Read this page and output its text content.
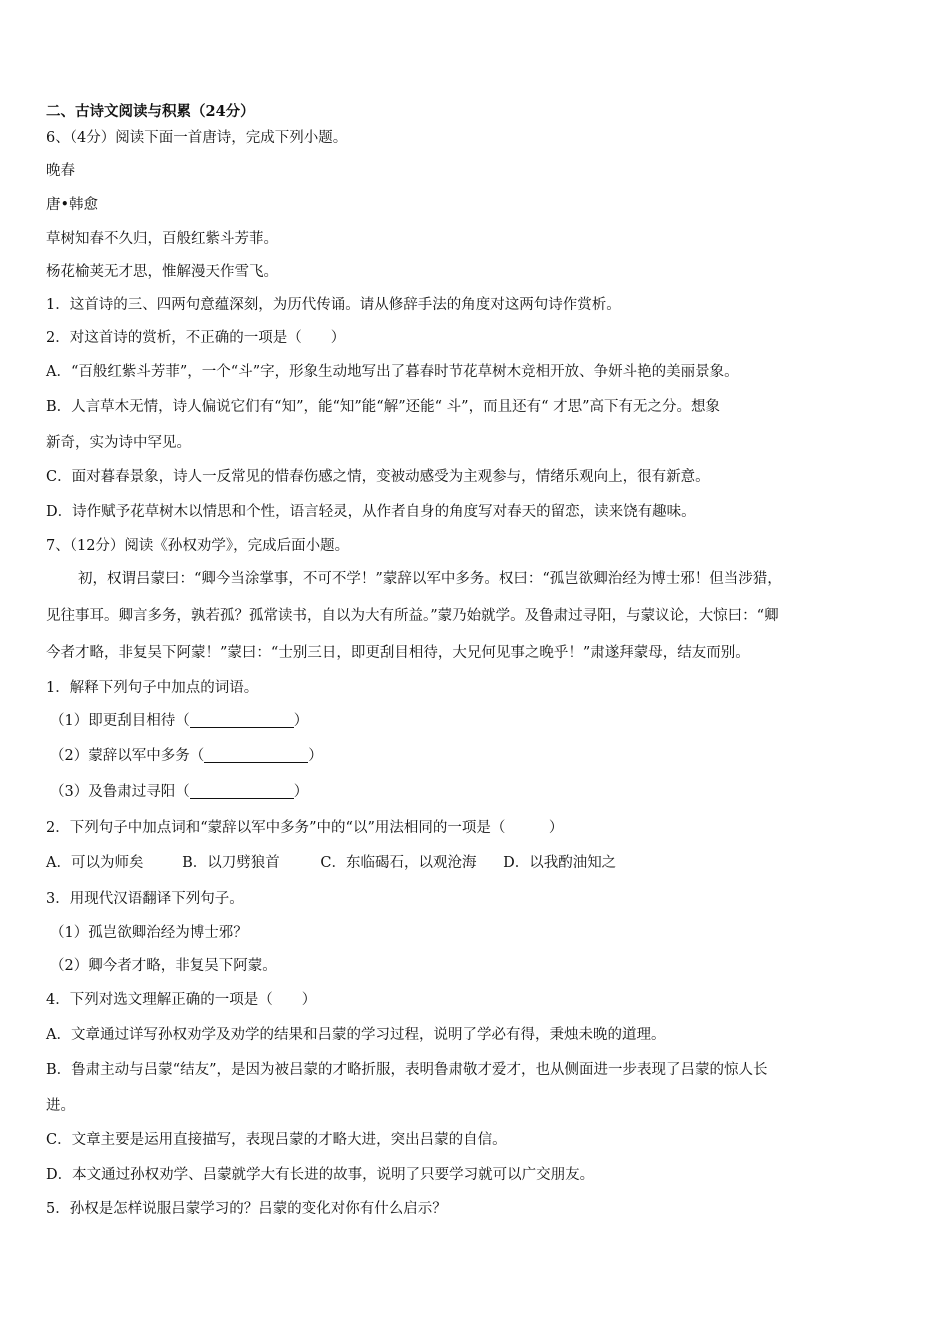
二、古诗文阅读与积累（24分）
6、（4分）阅读下面一首唐诗，完成下列小题。
晚春
唐•韩愈
草树知春不久归，百般红紫斗芳菲。
杨花榆荚无才思，惟解漫天作雪飞。
1．这首诗的三、四两句意蕴深刻，为历代传诵。请从修辞手法的角度对这两句诗作赏析。
2．对这首诗的赏析，不正确的一项是（　　）
A．“百般红紫斗芳菲”，一个“斗”字，形象生动地写出了暮春时节花草树木竞相开放、争妍斗艳的美丽景象。
B．人言草木无情，诗人偏说它们有“知”，能“知”能“解”还能“ 斗”，而且还有“ 才思”高下有无之分。想象
新奇，实为诗中罕见。
C．面对暮春景象，诗人一反常见的惜春伤感之情，变被动感受为主观参与，情绪乐观向上，很有新意。
D．诗作赋予花草树木以情思和个性，语言轻灵，从作者自身的角度写对春天的留恋，读来饶有趣味。
7、（12分）阅读《孙权劝学》，完成后面小题。
初，权谓吕蒙曰：“卿今当涂掌事，不可不学！”蒙辞以军中多务。权曰：“孤岂欲卿治经为博士邪！但当涉猎，
见往事耳。卿言多务，孰若孤？孤常读书，自以为大有所益。”蒙乃始就学。及鲁肃过寻阳，与蒙议论，大惊曰：“卿
今者才略，非复吴下阿蒙！”蒙曰：“士别三日，即更刮目相待，大兄何见事之晚乎！”肃遂拜蒙母，结友而别。
1．解释下列句子中加点的词语。
（1）即更刮目相待（	）
（2）蒙辞以军中多务（	）
（3）及鲁肃过寻阳（	）
2．下列句子中加点词和“蒙辞以军中多务”中的“以”用法相同的一项是（　　　）
A．可以为师矣	B．以刀劈狼首	C．东临碣石，以观沧海 D．以我酌油知之
3．用现代汉语翻译下列句子。
（1）孤岂欲卿治经为博士邪？
（2）卿今者才略，非复吴下阿蒙。
4．下列对选文理解正确的一项是（　　）
A．文章通过详写孙权劝学及劝学的结果和吕蒙的学习过程，说明了学必有得，秉烛未晚的道理。
B．鲁肃主动与吕蒙“结友”，是因为被吕蒙的才略折服，表明鲁肃敬才爱才，也从侧面进一步表现了吕蒙的惊人长
进。
C．文章主要是运用直接描写，表现吕蒙的才略大进，突出吕蒙的自信。
D．本文通过孙权劝学、吕蒙就学大有长进的故事，说明了只要学习就可以广交朋友。
5．孙权是怎样说服吕蒙学习的？吕蒙的变化对你有什么启示？
